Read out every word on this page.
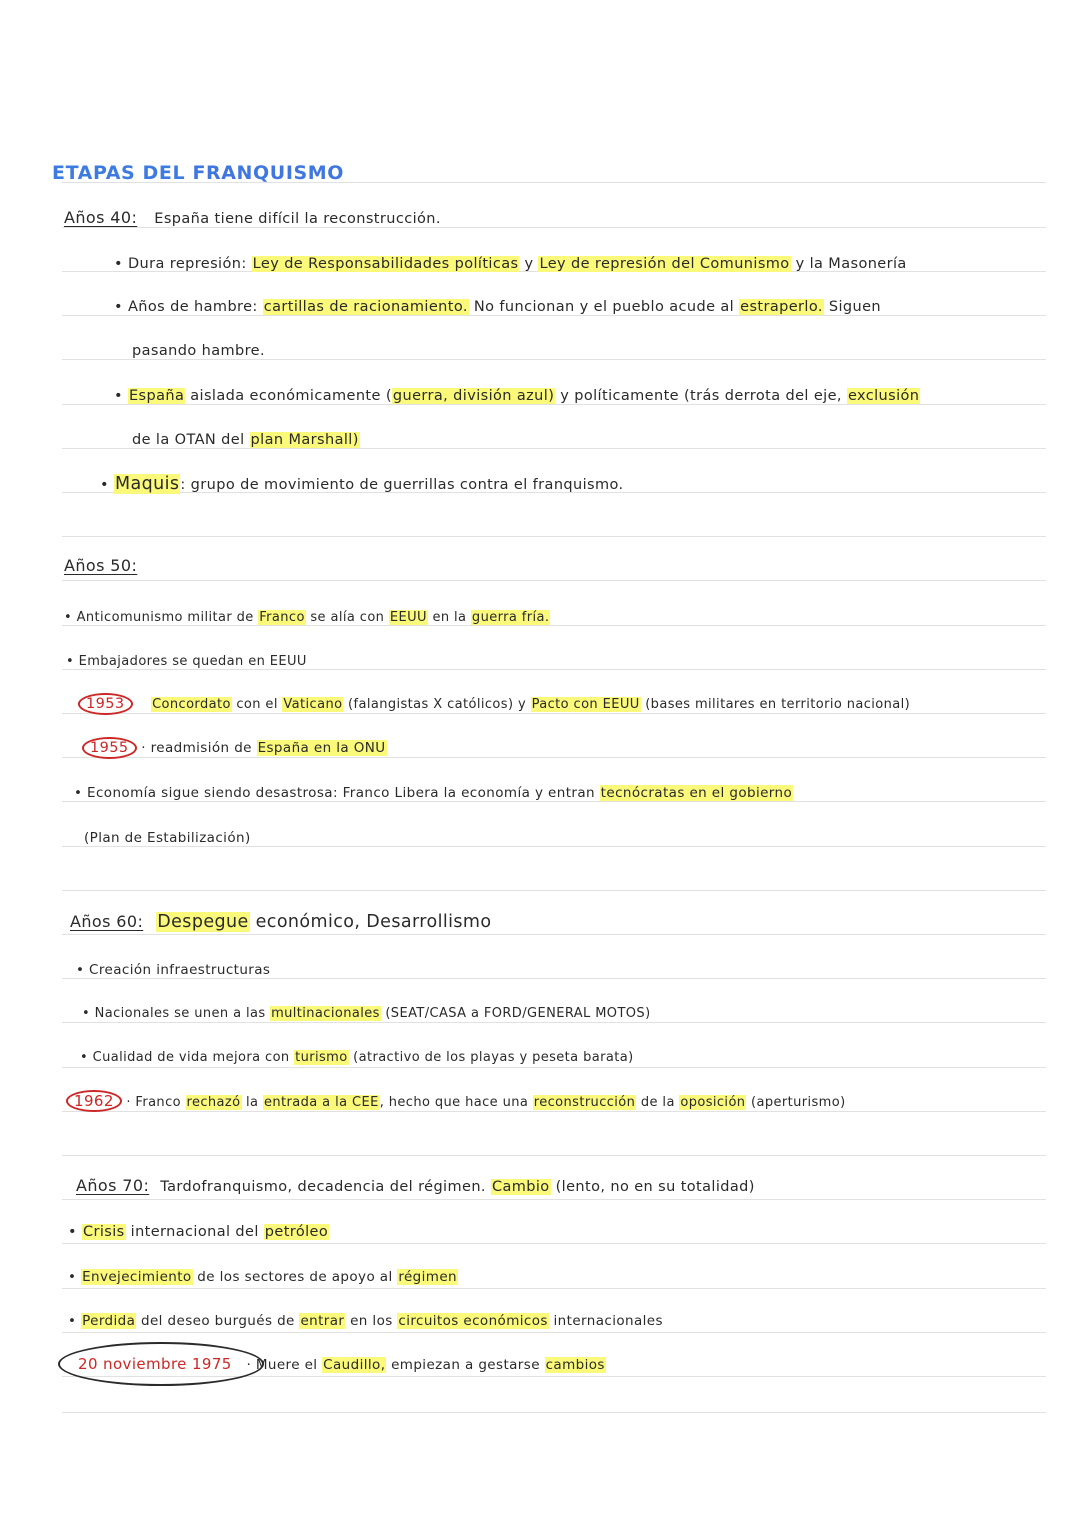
ETAPAS DEL FRANQUISMO
Años 40: España tiene difícil la reconstrucción.
• Dura represión: Ley de Responsabilidades políticas y Ley de represión del Comunismo y la Masonería
• Años de hambre: cartillas de racionamiento. No funcionan y el pueblo acude al estraperlo. Siguen
pasando hambre.
• España aislada económicamente (guerra, división azul) y políticamente (trás derrota del eje, exclusión
de la OTAN del plan Marshall)
• Maquis: grupo de movimiento de guerrillas contra el franquismo.
Años 50:
• Anticomunismo militar de Franco se alía con EEUU en la guerra fría.
• Embajadores se quedan en EEUU
1953 Concordato con el Vaticano (falangistas X católicos) y Pacto con EEUU (bases militares en territorio nacional)
1955 · readmisión de España en la ONU
• Economía sigue siendo desastrosa: Franco Libera la economía y entran tecnócratas en el gobierno
(Plan de Estabilización)
Años 60: Despegue económico, Desarrollismo
• Creación infraestructuras
• Nacionales se unen a las multinacionales (SEAT/CASA a FORD/GENERAL MOTOS)
• Cualidad de vida mejora con turismo (atractivo de los playas y peseta barata)
1962 · Franco rechazó la entrada a la CEE, hecho que hace una reconstrucción de la oposición (aperturismo)
Años 70: Tardofranquismo, decadencia del régimen. Cambio (lento, no en su totalidad)
• Crisis internacional del petróleo
• Envejecimiento de los sectores de apoyo al régimen
• Perdida del deseo burgués de entrar en los circuitos económicos internacionales
20 noviembre 1975 · Muere el Caudillo, empiezan a gestarse cambios
